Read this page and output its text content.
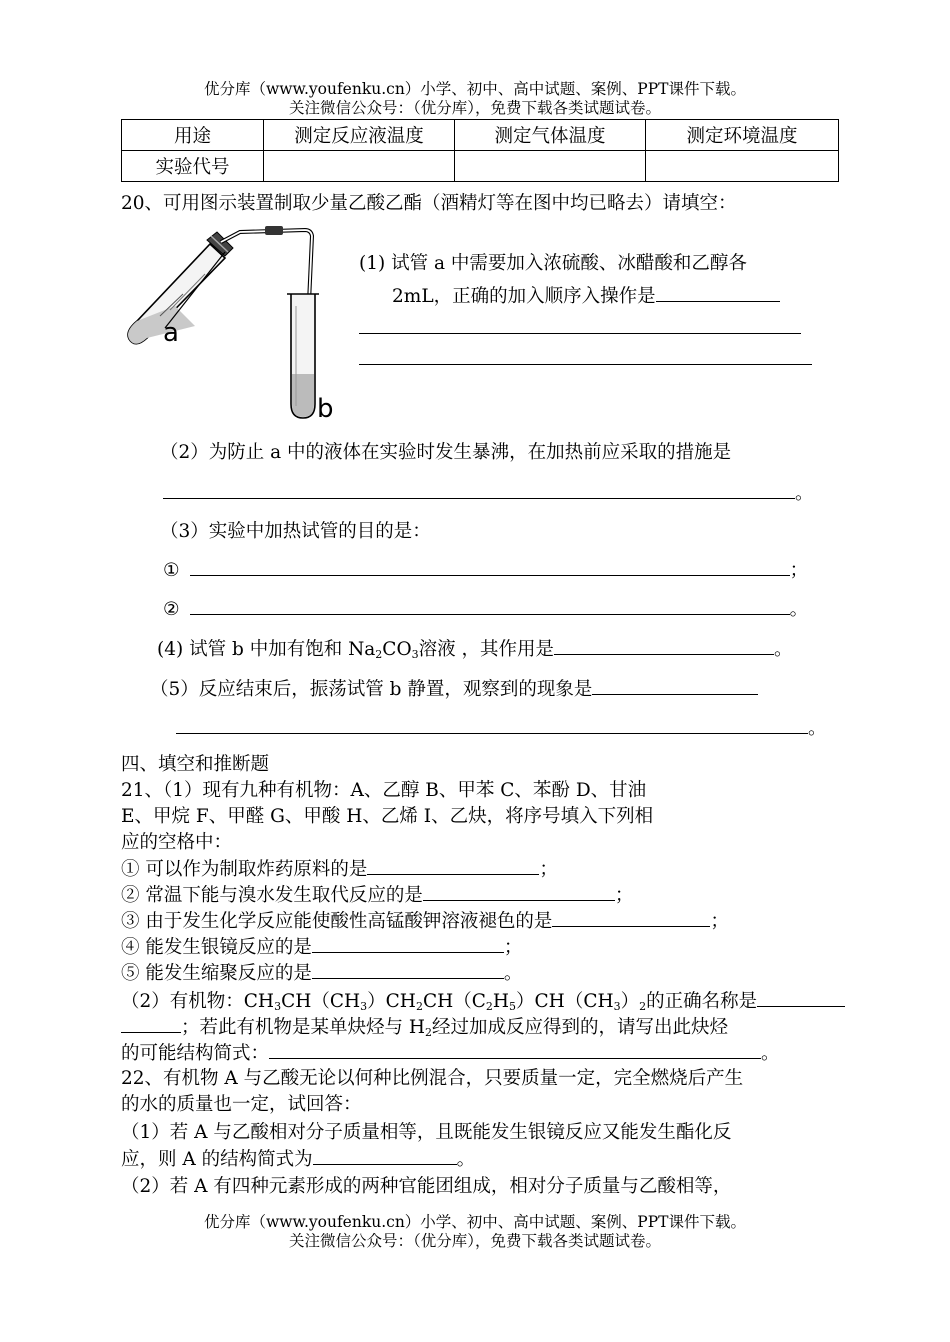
优分库（www.youfenku.cn）小学、初中、高中试题、案例、PPT课件下载。
关注微信公众号：（优分库），免费下载各类试题试卷。
用途	测定反应液温度	测定气体温度	测定环境温度
实验代号			
20、可用图示装置制取少量乙酸乙酯（酒精灯等在图中均已略去）请填空：
a
b
(1) 试管 a 中需要加入浓硫酸、冰醋酸和乙醇各
2mL，正确的加入顺序入操作是
（2）为防止 a 中的液体在实验时发生暴沸，在加热前应采取的措施是
。
（3）实验中加热试管的目的是：
①	；
②	。
(4) 试管 b 中加有饱和 $Na_2CO_3$溶液 ，其作用是	。
（5）反应结束后，振荡试管 b 静置，观察到的现象是
。
四、填空和推断题
21、（1）现有九种有机物：A、乙醇 B、甲苯 C、苯酚 D、甘油
E、甲烷 F、甲醛 G、甲酸 H、乙烯 I、乙炔，将序号填入下列相
应的空格中：
① 可以作为制取炸药原料的是	；
② 常温下能与溴水发生取代反应的是	；
③ 由于发生化学反应能使酸性高锰酸钾溶液褪色的是	；
④ 能发生银镜反应的是	；
⑤ 能发生缩聚反应的是	。
（2）有机物：$CH_3CH(CH_3)CH_2CH(C_2H_5)CH(CH_3)_2$的正确名称是
；若此有机物是某单炔烃与 $H_2$经过加成反应得到的，请写出此炔烃
的可能结构简式：	。
22、有机物 A 与乙酸无论以何种比例混合，只要质量一定，完全燃烧后产生
的水的质量也一定，试回答：
（1）若 A 与乙酸相对分子质量相等，且既能发生银镜反应又能发生酯化反
应，则 A 的结构简式为	。
（2）若 A 有四种元素形成的两种官能团组成，相对分子质量与乙酸相等，
优分库（www.youfenku.cn）小学、初中、高中试题、案例、PPT课件下载。
关注微信公众号：（优分库），免费下载各类试题试卷。
